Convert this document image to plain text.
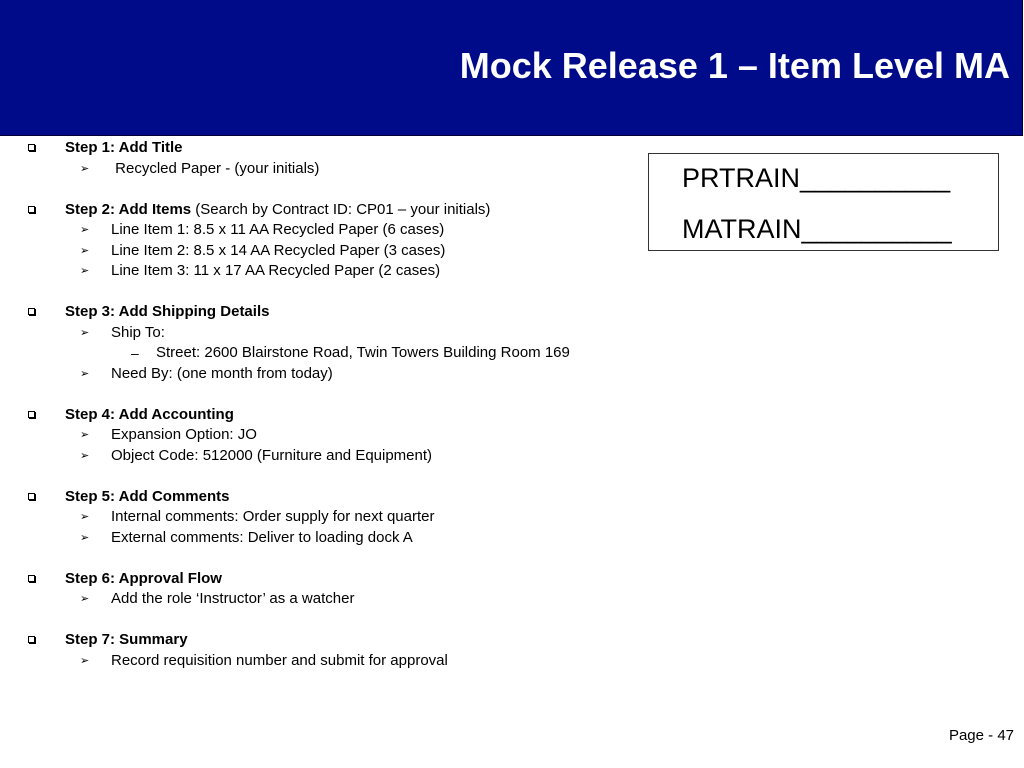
Mock Release 1 – Item Level MA
Step 1: Add Title
➢ Recycled Paper - (your initials)
Step 2: Add Items (Search by Contract ID: CP01 – your initials)
➢ Line Item 1: 8.5 x 11 AA Recycled Paper (6 cases)
➢ Line Item 2: 8.5 x 14 AA Recycled Paper (3 cases)
➢ Line Item 3: 11 x 17 AA Recycled Paper (2 cases)
Step 3: Add Shipping Details
➢ Ship To:
– Street: 2600 Blairstone Road, Twin Towers Building Room 169
➢ Need By: (one month from today)
Step 4: Add Accounting
➢ Expansion Option: JO
➢ Object Code: 512000 (Furniture and Equipment)
Step 5: Add Comments
➢ Internal comments: Order supply for next quarter
➢ External comments: Deliver to loading dock A
Step 6: Approval Flow
➢ Add the role ‘Instructor’ as a watcher
Step 7: Summary
➢ Record requisition number and submit for approval
PRTRAIN__________
MATRAIN__________
Page - 47
